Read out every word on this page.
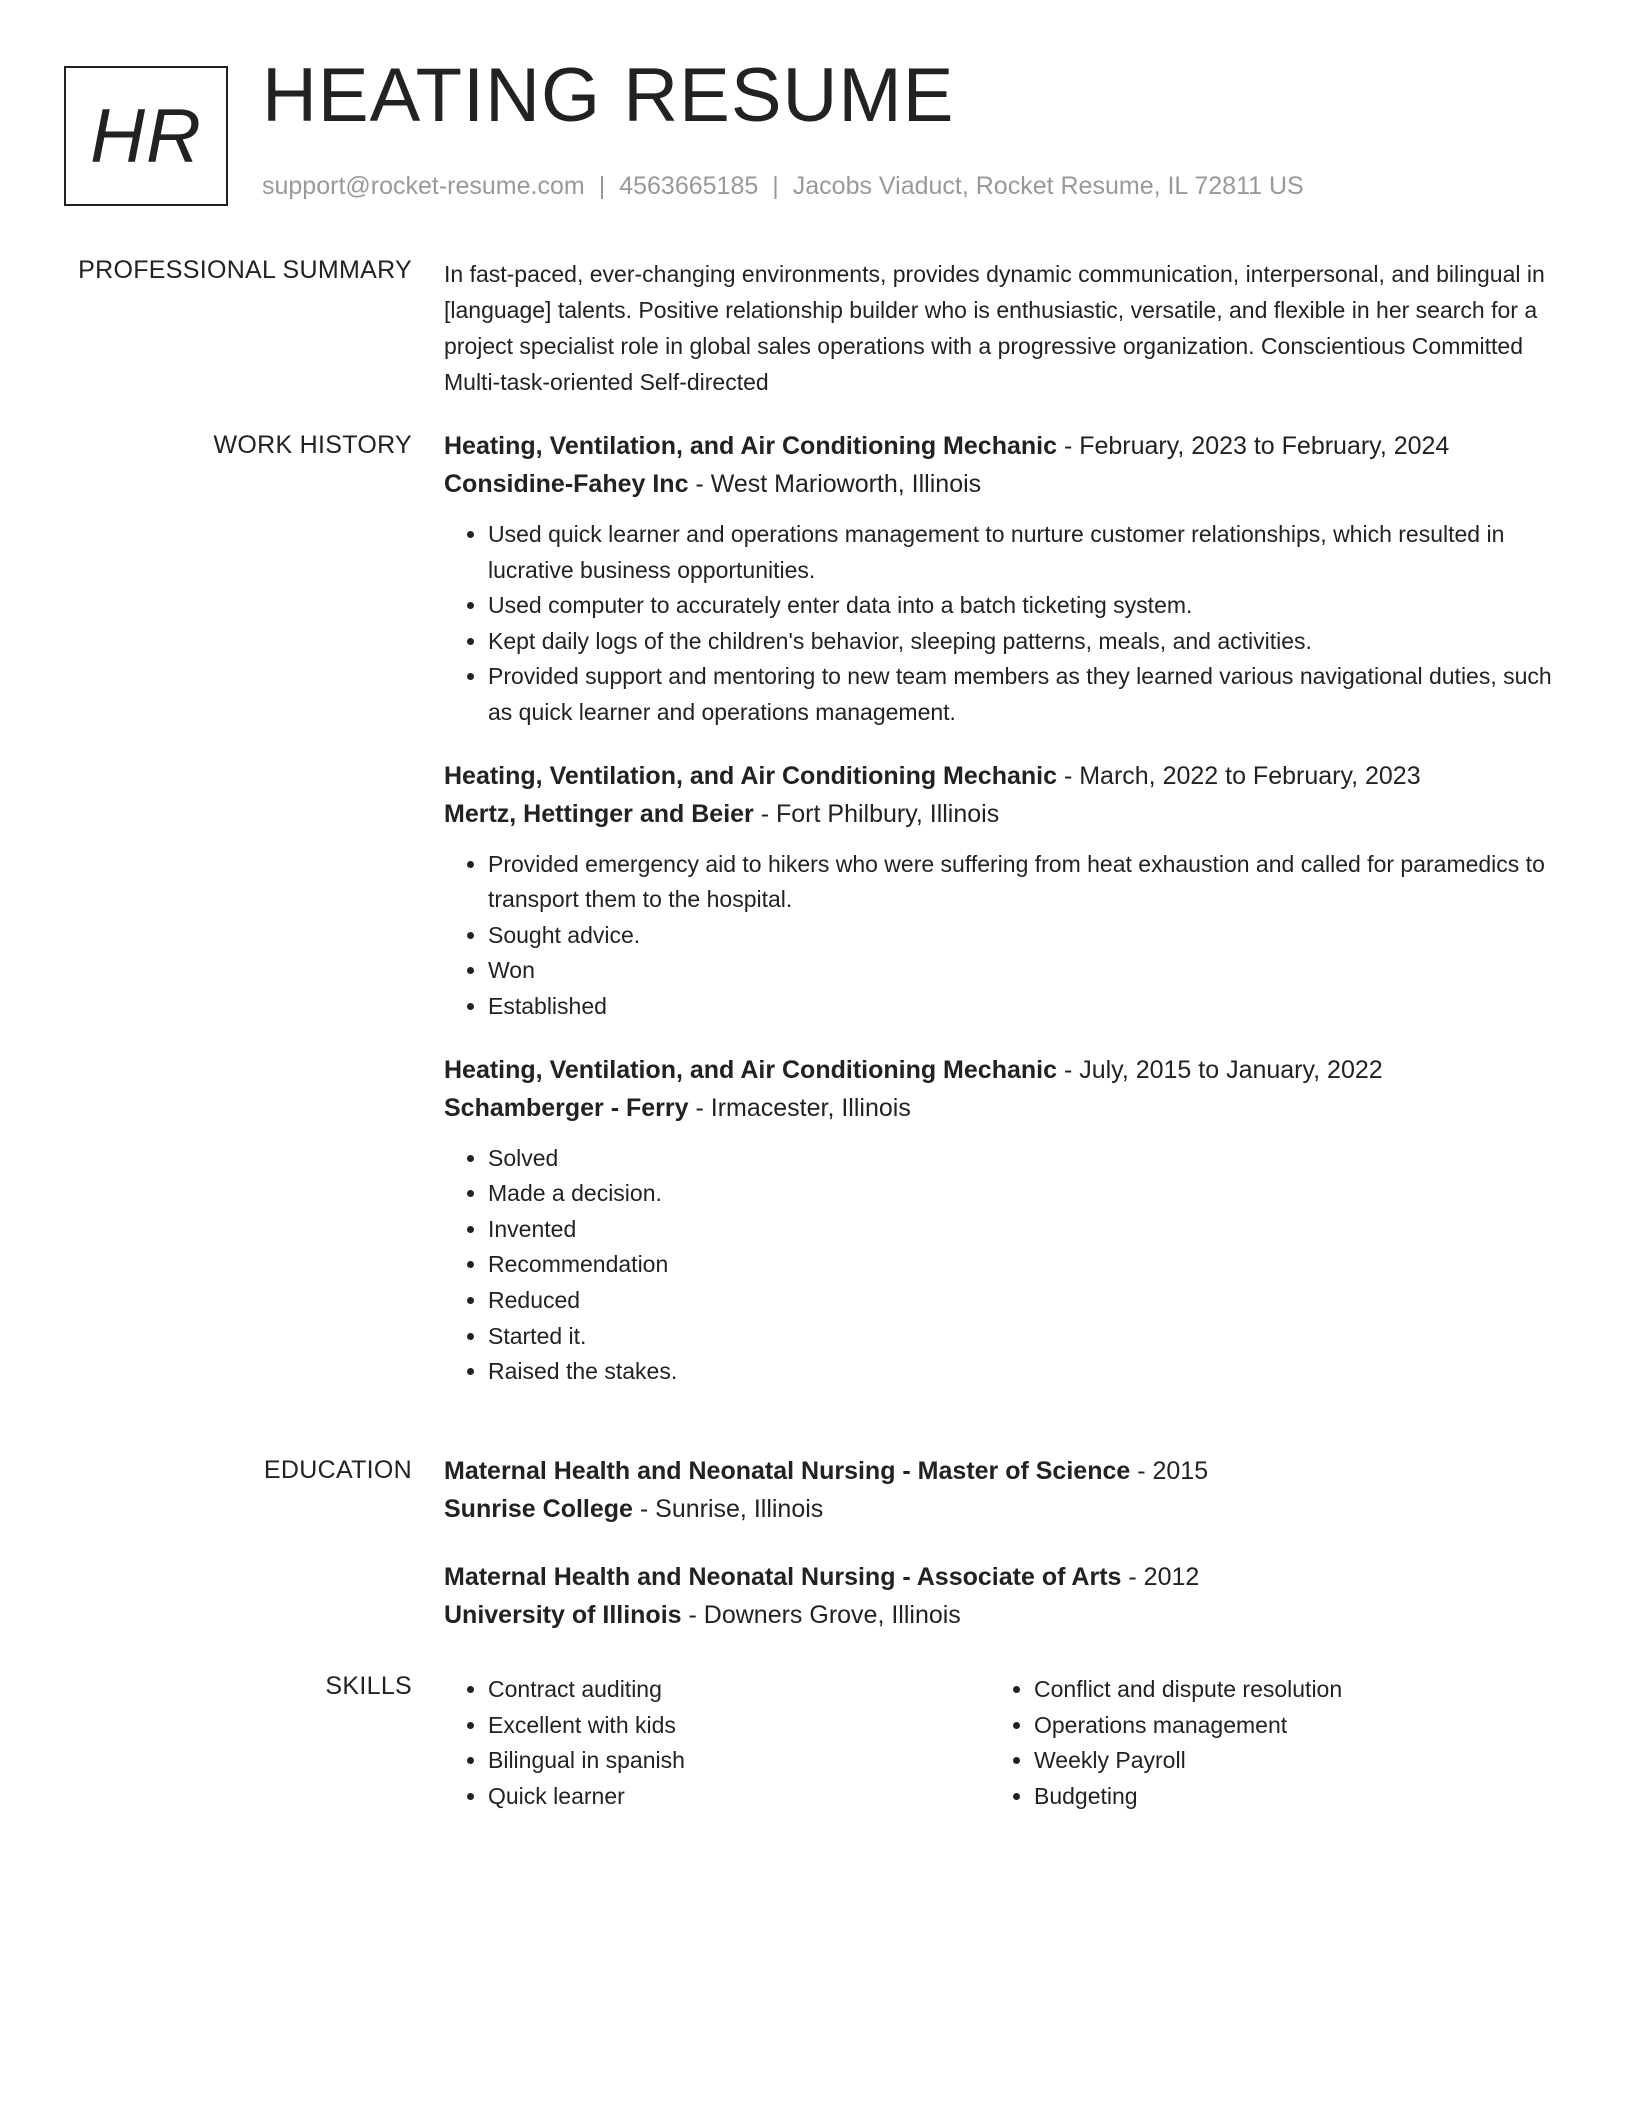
HR HEATING RESUME
support@rocket-resume.com | 4563665185 | Jacobs Viaduct, Rocket Resume, IL 72811 US
PROFESSIONAL SUMMARY In fast-paced, ever-changing environments, provides dynamic communication, interpersonal, and bilingual in [language] talents. Positive relationship builder who is enthusiastic, versatile, and flexible in her search for a project specialist role in global sales operations with a progressive organization. Conscientious Committed Multi-task-oriented Self-directed

WORK HISTORY Heating, Ventilation, and Air Conditioning Mechanic - February, 2023 to February, 2024
Considine-Fahey Inc - West Marioworth, Illinois
• Used quick learner and operations management to nurture customer relationships, which resulted in lucrative business opportunities.
• Used computer to accurately enter data into a batch ticketing system.
• Kept daily logs of the children's behavior, sleeping patterns, meals, and activities.
• Provided support and mentoring to new team members as they learned various navigational duties, such as quick learner and operations management.
Heating, Ventilation, and Air Conditioning Mechanic - March, 2022 to February, 2023
Mertz, Hettinger and Beier - Fort Philbury, Illinois
• Provided emergency aid to hikers who were suffering from heat exhaustion and called for paramedics to transport them to the hospital.
• Sought advice.
• Won
• Established
Heating, Ventilation, and Air Conditioning Mechanic - July, 2015 to January, 2022
Schamberger - Ferry - Irmacester, Illinois
• Solved
• Made a decision.
• Invented
• Recommendation
• Reduced
• Started it.
• Raised the stakes.
EDUCATION Maternal Health and Neonatal Nursing - Master of Science - 2015
Sunrise College - Sunrise, Illinois
Maternal Health and Neonatal Nursing - Associate of Arts - 2012
University of Illinois - Downers Grove, Illinois
SKILLS
•	Contract auditing
• Excellent with kids
• Bilingual in spanish
• Quick learner
• Conflict and dispute resolution
• Operations management
• Weekly Payroll
• Budgeting
